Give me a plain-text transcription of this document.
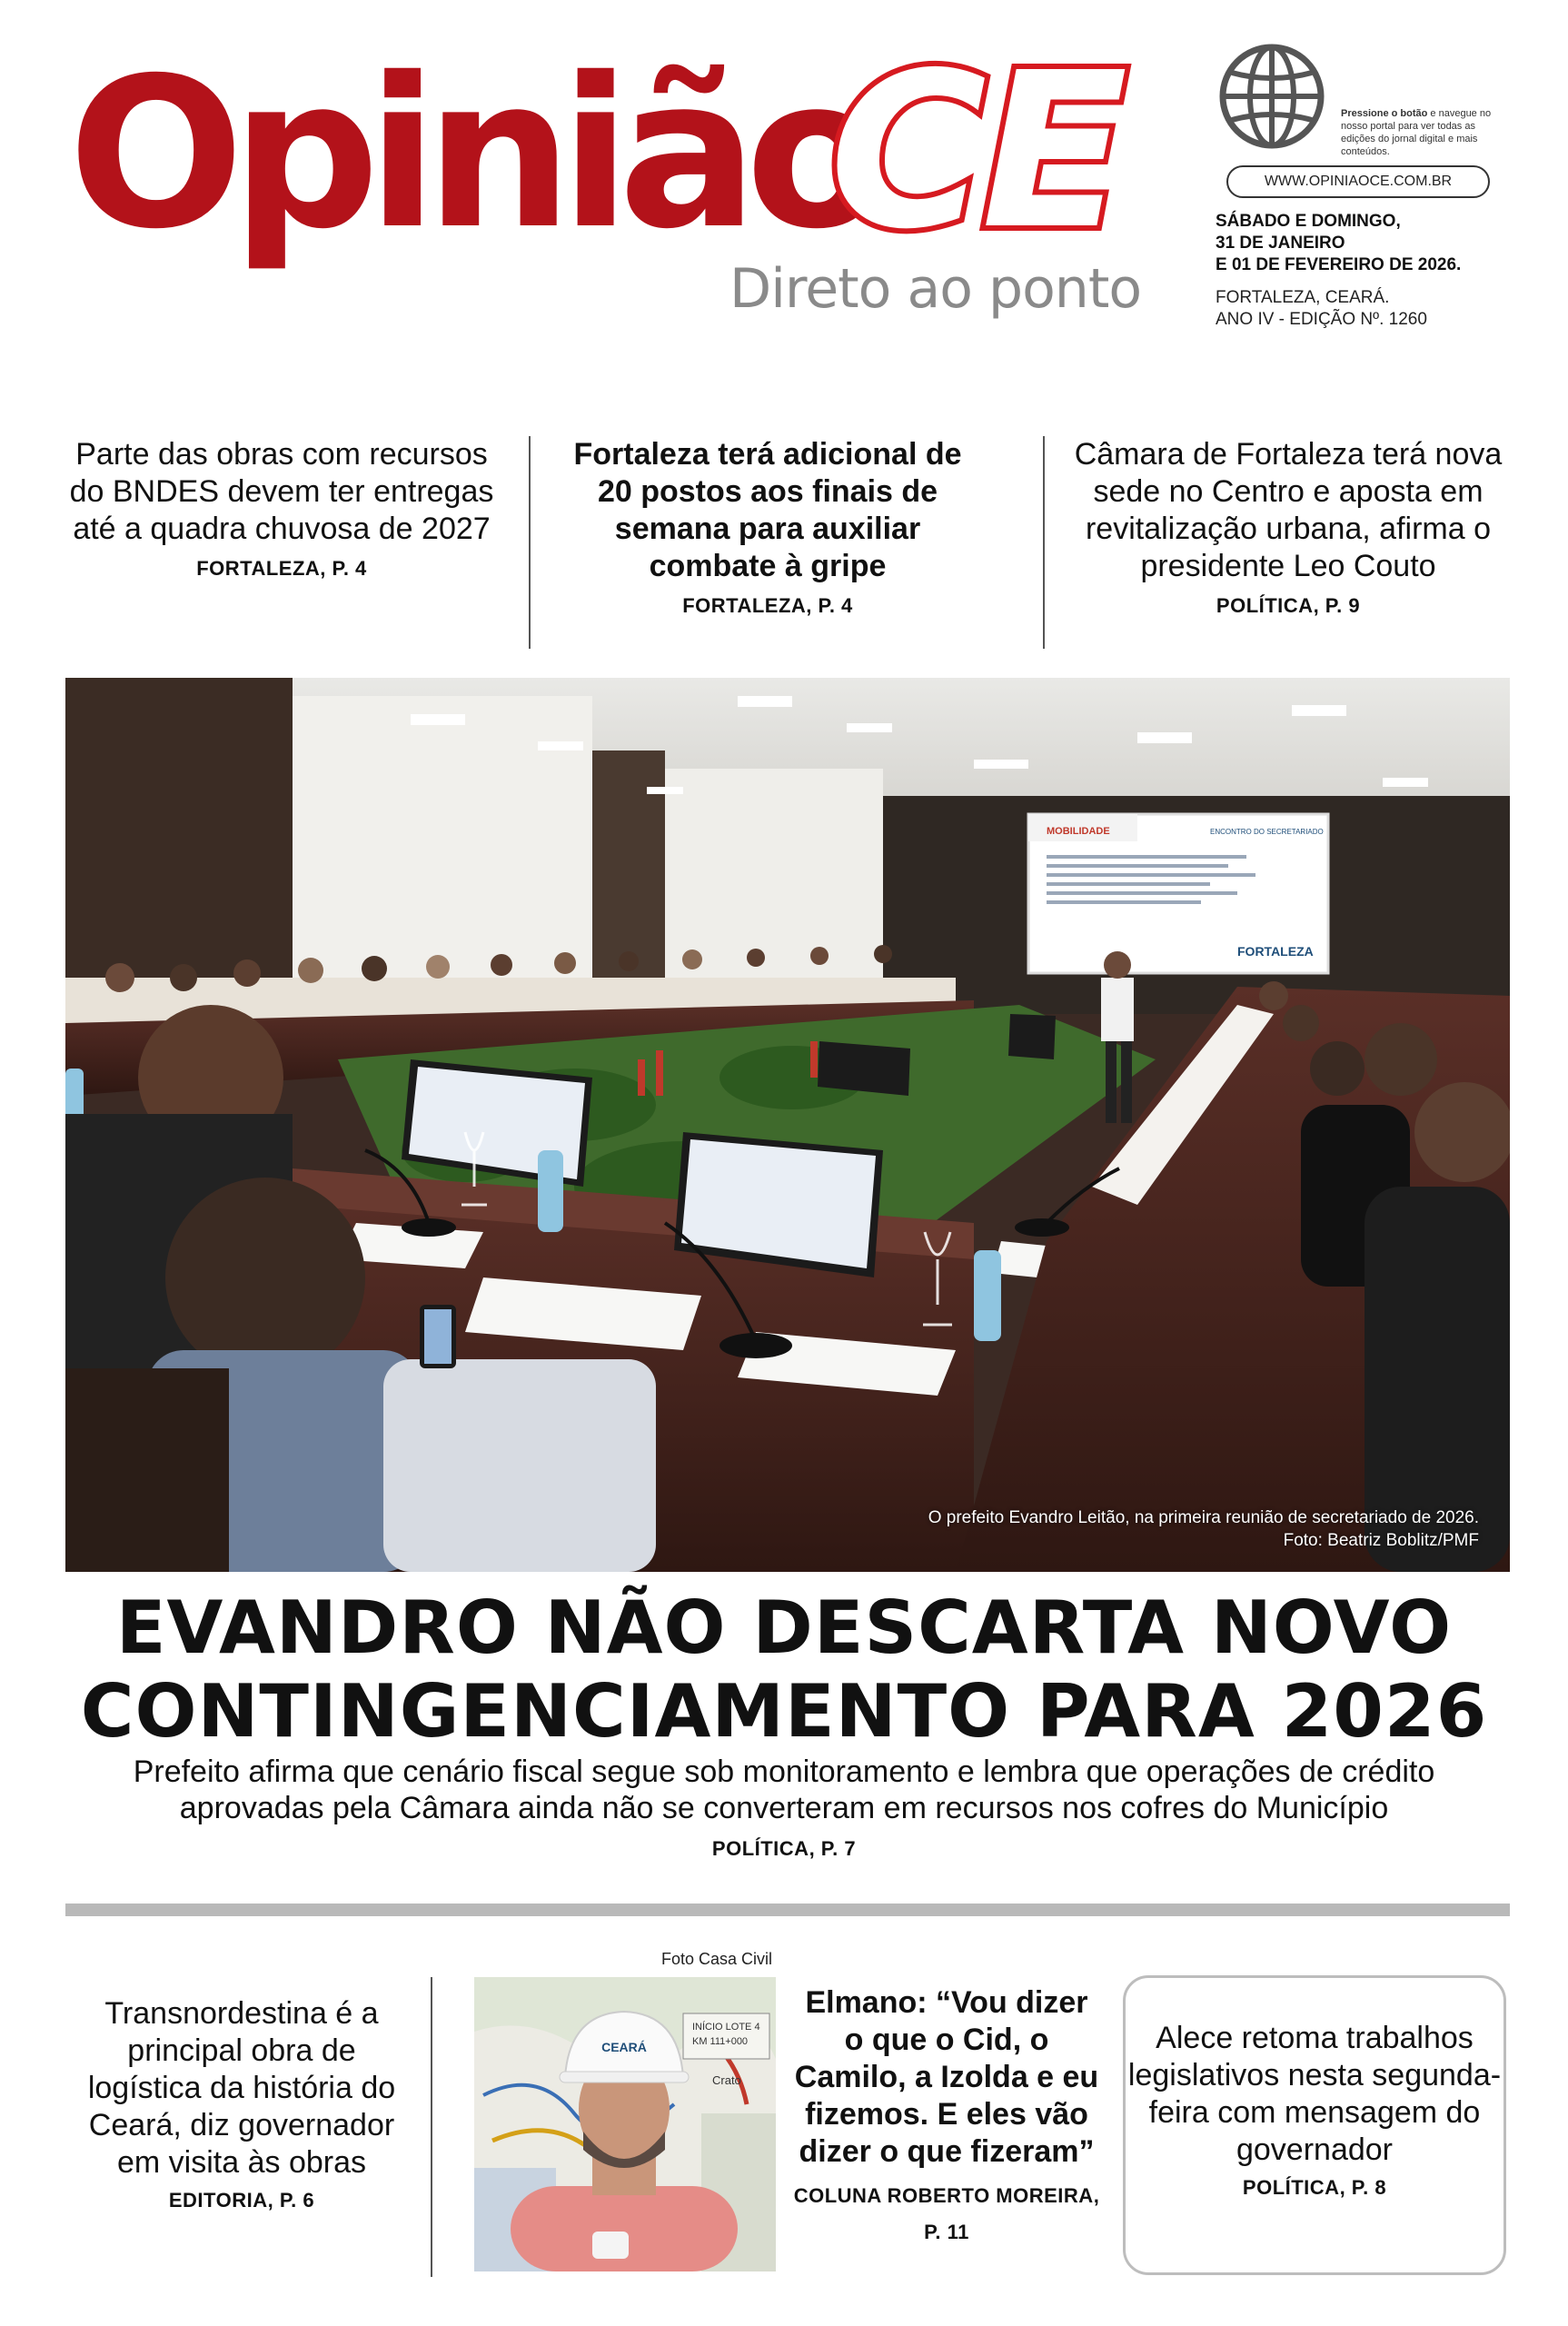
Opinião
CE
Direto ao ponto
Pressione o botão e navegue no nosso portal para ver todas as edições do jornal digital e mais conteúdos.
WWW.OPINIAOCE.COM.BR
SÁBADO E DOMINGO,
31 DE JANEIRO
E 01 DE FEVEREIRO DE 2026.
FORTALEZA, CEARÁ.
ANO IV - EDIÇÃO Nº. 1260
Parte das obras com recursos do BNDES devem ter entregas até a quadra chuvosa de 2027
FORTALEZA, P. 4
Fortaleza terá adicional de 20 postos aos finais de semana para auxiliar combate à gripe
FORTALEZA, P. 4
Câmara de Fortaleza terá nova sede no Centro e aposta em revitalização urbana, afirma o presidente Leo Couto
POLÍTICA, P. 9
MOBILIDADE	ENCONTRO DO SECRETARIADO
FORTALEZA
O prefeito Evandro Leitão, na primeira reunião de secretariado de 2026.
Foto: Beatriz Boblitz/PMF
EVANDRO NÃO DESCARTA NOVO
CONTINGENCIAMENTO PARA 2026
Prefeito afirma que cenário fiscal segue sob monitoramento e lembra que operações de crédito aprovadas pela Câmara ainda não se converteram em recursos nos cofres do Município
POLÍTICA, P. 7
Transnordestina é a principal obra de logística da história do Ceará, diz governador em visita às obras
EDITORIA, P. 6
Foto Casa Civil
INÍCIO LOTE 4
KM 111+000
Crato
CEARÁ
Elmano: “Vou dizer o que o Cid, o Camilo, a Izolda e eu fizemos. E eles vão dizer o que fizeram”
COLUNA ROBERTO MOREIRA, P. 11
Alece retoma trabalhos legislativos nesta segunda-feira com mensagem do governador
POLÍTICA, P. 8
